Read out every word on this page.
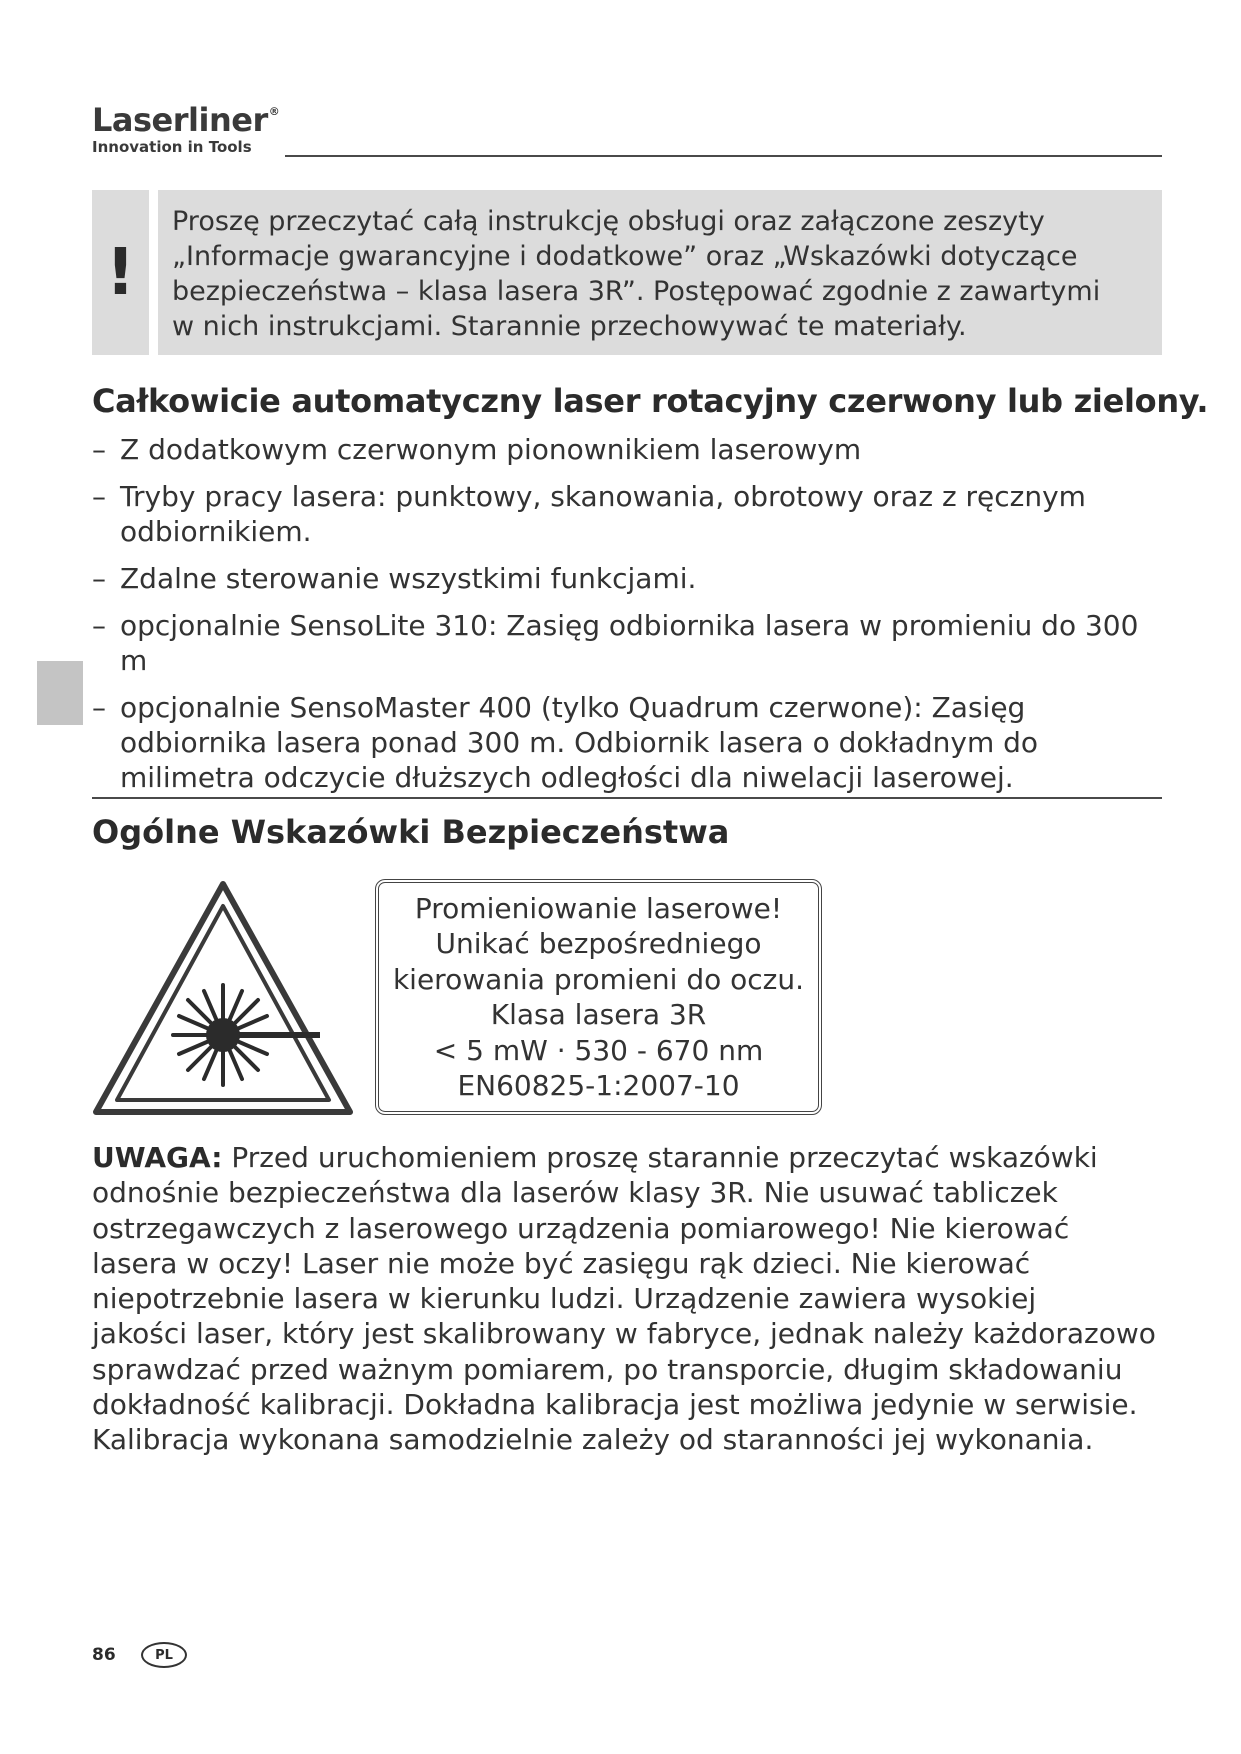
Laserliner®
Innovation in Tools
!
Proszę przeczytać całą instrukcję obsługi oraz załączone zeszyty
„Informacje gwarancyjne i dodatkowe” oraz „Wskazówki dotyczące
bezpieczeństwa – klasa lasera 3R”. Postępować zgodnie z zawartymi
w nich instrukcjami. Starannie przechowywać te materiały.
Całkowicie automatyczny laser rotacyjny czerwony lub zielony.
– Z dodatkowym czerwonym pionownikiem laserowym
– Tryby pracy lasera: punktowy, skanowania, obrotowy oraz z ręcznym odbiornikiem.
– Zdalne sterowanie wszystkimi funkcjami.
– opcjonalnie SensoLite 310: Zasięg odbiornika lasera w promieniu do 300 m
– opcjonalnie SensoMaster 400 (tylko Quadrum czerwone): Zasięg odbiornika lasera ponad 300 m. Odbiornik lasera o dokładnym do milimetra odczycie dłuższych odległości dla niwelacji laserowej.
Ogólne Wskazówki Bezpieczeństwa
Promieniowanie laserowe!
Unikać bezpośredniego
kierowania promieni do oczu.
Klasa lasera 3R
< 5 mW · 530 - 670 nm
EN60825-1:2007-10
UWAGA: Przed uruchomieniem proszę starannie przeczytać wskazówki
odnośnie bezpieczeństwa dla laserów klasy 3R. Nie usuwać tabliczek
ostrzegawczych z laserowego urządzenia pomiarowego! Nie kierować
lasera w oczy! Laser nie może być zasięgu rąk dzieci. Nie kierować
niepotrzebnie lasera w kierunku ludzi. Urządzenie zawiera wysokiej
jakości laser, który jest skalibrowany w fabryce, jednak należy każdorazowo
sprawdzać przed ważnym pomiarem, po transporcie, długim składowaniu
dokładność kalibracji. Dokładna kalibracja jest możliwa jedynie w serwisie.
Kalibracja wykonana samodzielnie zależy od staranności jej wykonania.
86	PL
